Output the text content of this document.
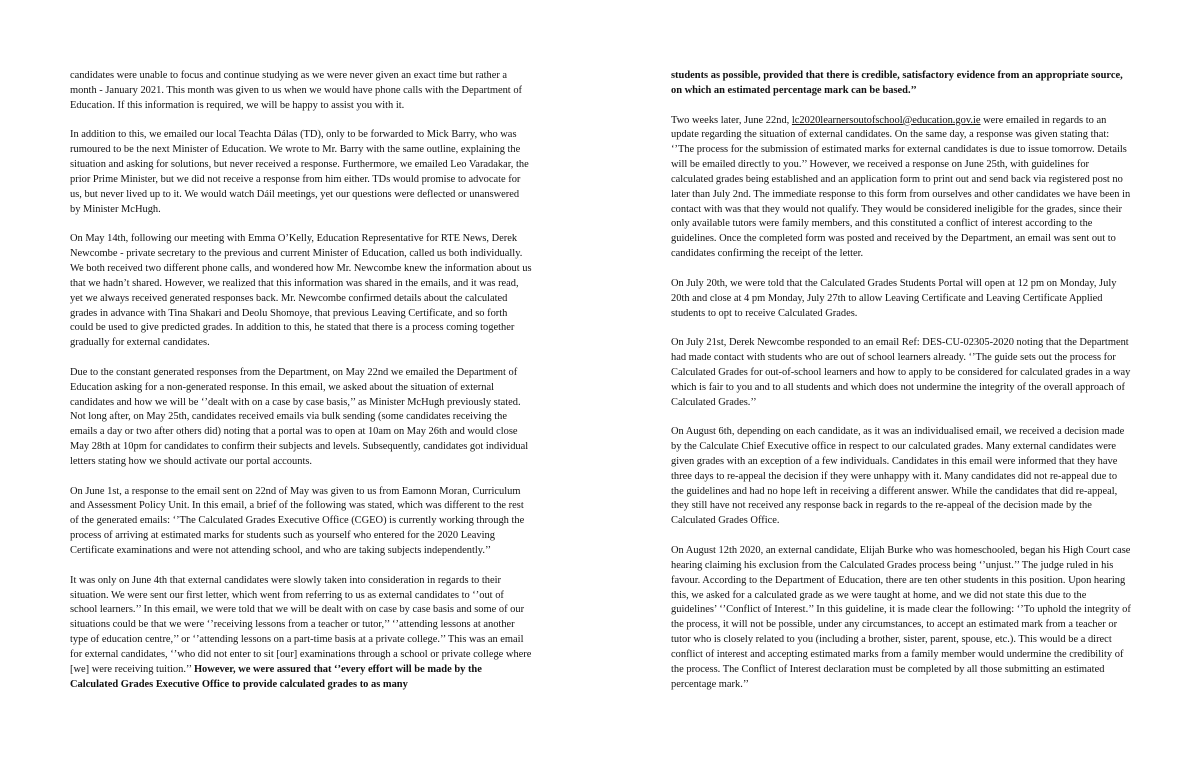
candidates were unable to focus and continue studying as we were never given an exact time but rather a month - January 2021. This month was given to us when we would have phone calls with the Department of Education. If this information is required, we will be happy to assist you with it.

In addition to this, we emailed our local Teachta Dálas (TD), only to be forwarded to Mick Barry, who was rumoured to be the next Minister of Education. We wrote to Mr. Barry with the same outline, explaining the situation and asking for solutions, but never received a response. Furthermore, we emailed Leo Varadakar, the prior Prime Minister, but we did not receive a response from him either. TDs would promise to advocate for us, but never lived up to it. We would watch Dáil meetings, yet our questions were deflected or unanswered by Minister McHugh.

On May 14th, following our meeting with Emma O’Kelly, Education Representative for RTE News, Derek Newcombe - private secretary to the previous and current Minister of Education, called us both individually. We both received two different phone calls, and wondered how Mr. Newcombe knew the information about us that we hadn’t shared. However, we realized that this information was shared in the emails, and it was read, yet we always received generated responses back. Mr. Newcombe confirmed details about the calculated grades in advance with Tina Shakari and Deolu Shomoye, that previous Leaving Certificate, and so forth could be used to give predicted grades. In addition to this, he stated that there is a process coming together gradually for external candidates.

Due to the constant generated responses from the Department, on May 22nd we emailed the Department of Education asking for a non-generated response. In this email, we asked about the situation of external candidates and how we will be ‘’dealt with on a case by case basis,’’ as Minister McHugh previously stated. Not long after, on May 25th, candidates received emails via bulk sending (some candidates receiving the emails a day or two after others did) noting that a portal was to open at 10am on May 26th and would close May 28th at 10pm for candidates to confirm their subjects and levels. Subsequently, candidates got individual letters stating how we should activate our portal accounts.

On June 1st, a response to the email sent on 22nd of May was given to us from Eamonn Moran, Curriculum and Assessment Policy Unit. In this email, a brief of the following was stated, which was different to the rest of the generated emails: ‘’The Calculated Grades Executive Office (CGEO) is currently working through the process of arriving at estimated marks for students such as yourself who entered for the 2020 Leaving Certificate examinations and were not attending school, and who are taking subjects independently.’’

It was only on June 4th that external candidates were slowly taken into consideration in regards to their situation. We were sent our first letter, which went from referring to us as external candidates to ‘’out of school learners.’’ In this email, we were told that we will be dealt with on case by case basis and some of our situations could be that we were ‘’receiving lessons from a teacher or tutor,’’ ‘’attending lessons at another type of education centre,’’ or ‘’attending lessons on a part-time basis at a private college.’’ This was an email for external candidates, ‘’who did not enter to sit [our] examinations through a school or private college where [we] were receiving tuition.’’ However, we were assured that ‘’every effort will be made by the Calculated Grades Executive Office to provide calculated grades to as many

students as possible, provided that there is credible, satisfactory evidence from an appropriate source, on which an estimated percentage mark can be based.’’

Two weeks later, June 22nd, lc2020learnersoutofschool@education.gov.ie were emailed in regards to an update regarding the situation of external candidates. On the same day, a response was given stating that: ‘’The process for the submission of estimated marks for external candidates is due to issue tomorrow. Details will be emailed directly to you.’’ However, we received a response on June 25th, with guidelines for calculated grades being established and an application form to print out and send back via registered post no later than July 2nd. The immediate response to this form from ourselves and other candidates we have been in contact with was that they would not qualify. They would be considered ineligible for the grades, since their only available tutors were family members, and this constituted a conflict of interest according to the guidelines. Once the completed form was posted and received by the Department, an email was sent out to candidates confirming the receipt of the letter.

On July 20th, we were told that the Calculated Grades Students Portal will open at 12 pm on Monday, July 20th and close at 4 pm Monday, July 27th to allow Leaving Certificate and Leaving Certificate Applied students to opt to receive Calculated Grades.

On July 21st, Derek Newcombe responded to an email Ref: DES-CU-02305-2020 noting that the Department had made contact with students who are out of school learners already. ‘’The guide sets out the process for Calculated Grades for out-of-school learners and how to apply to be considered for calculated grades in a way which is fair to you and to all students and which does not undermine the integrity of the overall approach of Calculated Grades.’’

On August 6th, depending on each candidate, as it was an individualised email, we received a decision made by the Calculate Chief Executive office in respect to our calculated grades. Many external candidates were given grades with an exception of a few individuals. Candidates in this email were informed that they have three days to re-appeal the decision if they were unhappy with it. Many candidates did not re-appeal due to the guidelines and had no hope left in receiving a different answer. While the candidates that did re-appeal, they still have not received any response back in regards to the re-appeal of the decision made by the Calculated Grades Office.

On August 12th 2020, an external candidate, Elijah Burke who was homeschooled, began his High Court case hearing claiming his exclusion from the Calculated Grades process being ‘’unjust.’’ The judge ruled in his favour. According to the Department of Education, there are ten other students in this position. Upon hearing this, we asked for a calculated grade as we were taught at home, and we did not state this due to the guidelines’ ‘’Conflict of Interest.’’ In this guideline, it is made clear the following: ‘’To uphold the integrity of the process, it will not be possible, under any circumstances, to accept an estimated mark from a teacher or tutor who is closely related to you (including a brother, sister, parent, spouse, etc.). This would be a direct conflict of interest and accepting estimated marks from a family member would undermine the credibility of the process. The Conflict of Interest declaration must be completed by all those submitting an estimated percentage mark.’’
